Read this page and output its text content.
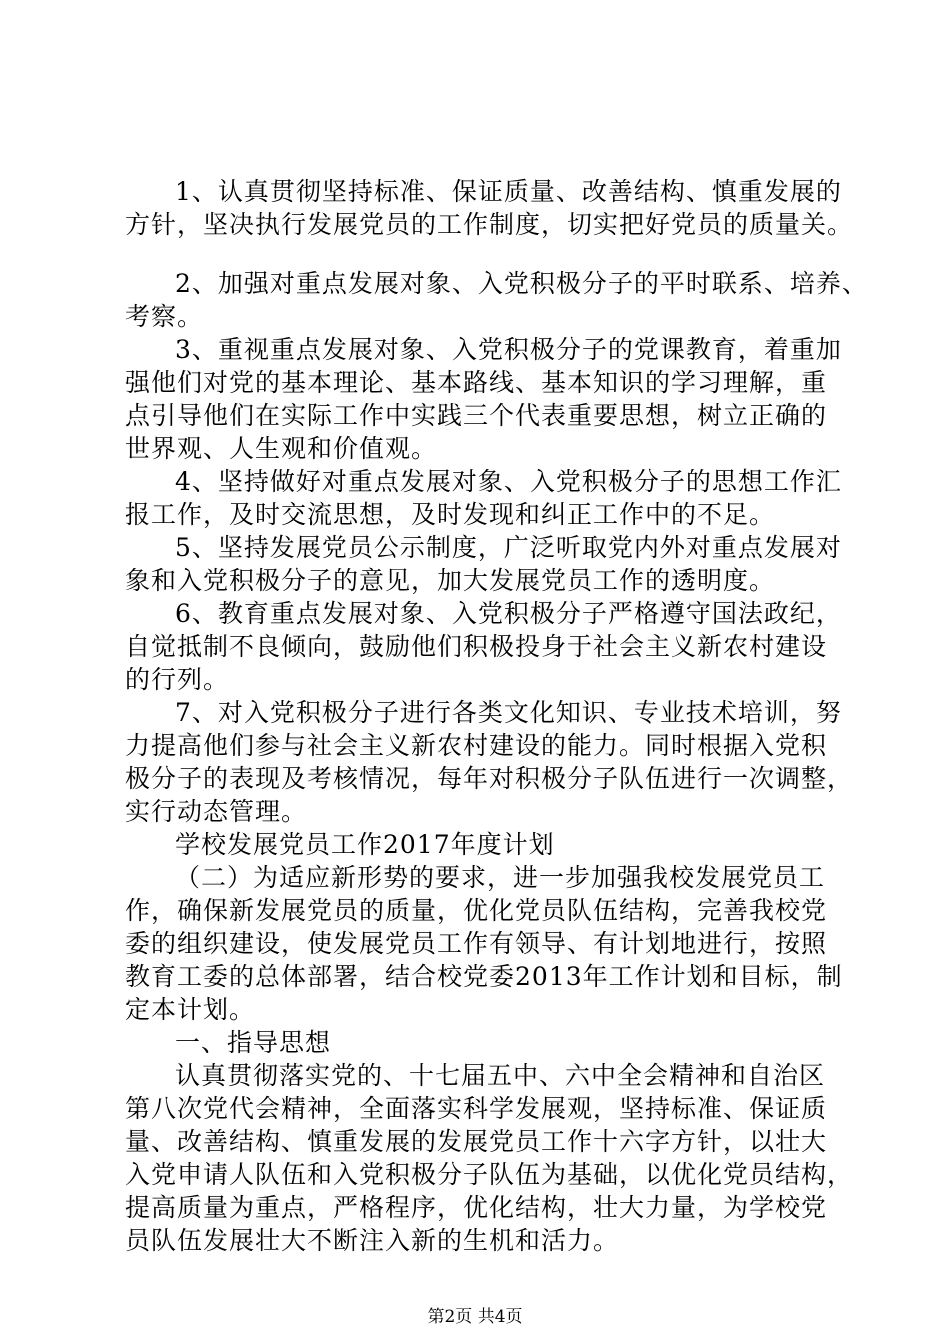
1、认真贯彻坚持标准、保证质量、改善结构、慎重发展的
方针，坚决执行发展党员的工作制度，切实把好党员的质量关。
2、加强对重点发展对象、入党积极分子的平时联系、培养、
考察。
3、重视重点发展对象、入党积极分子的党课教育，着重加
强他们对党的基本理论、基本路线、基本知识的学习理解，重
点引导他们在实际工作中实践三个代表重要思想，树立正确的
世界观、人生观和价值观。
4、坚持做好对重点发展对象、入党积极分子的思想工作汇
报工作，及时交流思想，及时发现和纠正工作中的不足。
5、坚持发展党员公示制度，广泛听取党内外对重点发展对
象和入党积极分子的意见，加大发展党员工作的透明度。
6、教育重点发展对象、入党积极分子严格遵守国法政纪，
自觉抵制不良倾向，鼓励他们积极投身于社会主义新农村建设
的行列。
7、对入党积极分子进行各类文化知识、专业技术培训，努
力提高他们参与社会主义新农村建设的能力。同时根据入党积
极分子的表现及考核情况，每年对积极分子队伍进行一次调整，
实行动态管理。
学校发展党员工作2017年度计划
（二）为适应新形势的要求，进一步加强我校发展党员工
作，确保新发展党员的质量，优化党员队伍结构，完善我校党
委的组织建设，使发展党员工作有领导、有计划地进行，按照
教育工委的总体部署，结合校党委2013年工作计划和目标，制
定本计划。
一、指导思想
认真贯彻落实党的、十七届五中、六中全会精神和自治区
第八次党代会精神，全面落实科学发展观，坚持标准、保证质
量、改善结构、慎重发展的发展党员工作十六字方针，以壮大
入党申请人队伍和入党积极分子队伍为基础，以优化党员结构，
提高质量为重点，严格程序，优化结构，壮大力量，为学校党
员队伍发展壮大不断注入新的生机和活力。
第2页 共4页
